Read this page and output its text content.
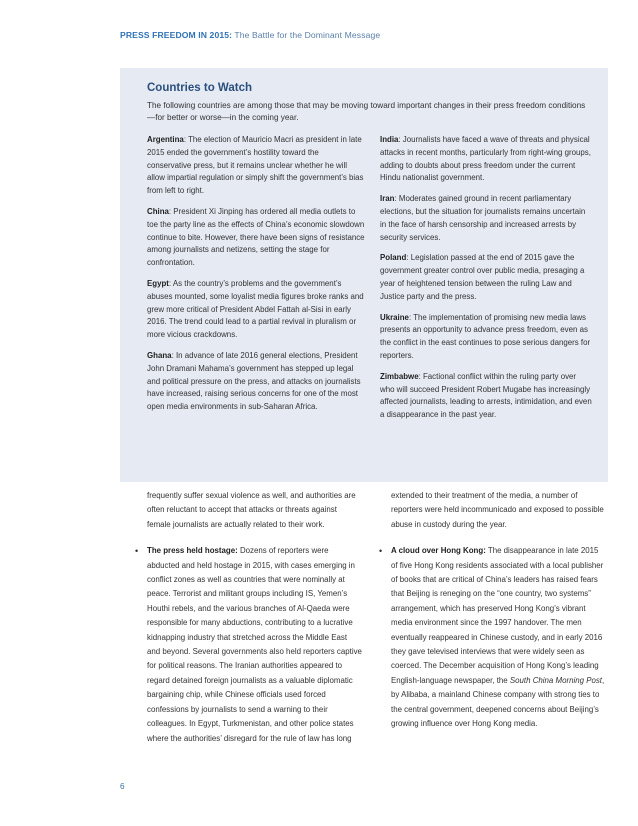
PRESS FREEDOM IN 2015: The Battle for the Dominant Message
Countries to Watch
The following countries are among those that may be moving toward important changes in their press freedom conditions—for better or worse—in the coming year.

Argentina: The election of Mauricio Macri as president in late 2015 ended the government’s hostility toward the conservative press, but it remains unclear whether he will allow impartial regulation or simply shift the government’s bias from left to right.

China: President Xi Jinping has ordered all media outlets to toe the party line as the effects of China’s economic slowdown continue to bite. However, there have been signs of resistance among journalists and netizens, setting the stage for confrontation.

Egypt: As the country’s problems and the government’s abuses mounted, some loyalist media figures broke ranks and grew more critical of President Abdel Fattah al-Sisi in early 2016. The trend could lead to a partial revival in pluralism or more vicious crackdowns.

Ghana: In advance of late 2016 general elections, President John Dramani Mahama’s government has stepped up legal and political pressure on the press, and attacks on journalists have increased, raising serious concerns for one of the most open media environments in sub-Saharan Africa.

India: Journalists have faced a wave of threats and physical attacks in recent months, particularly from right-wing groups, adding to doubts about press freedom under the current Hindu nationalist government.

Iran: Moderates gained ground in recent parliamentary elections, but the situation for journalists remains uncertain in the face of harsh censorship and increased arrests by security services.

Poland: Legislation passed at the end of 2015 gave the government greater control over public media, presaging a year of heightened tension between the ruling Law and Justice party and the press.

Ukraine: The implementation of promising new media laws presents an opportunity to advance press freedom, even as the conflict in the east continues to pose serious dangers for reporters.

Zimbabwe: Factional conflict within the ruling party over who will succeed President Robert Mugabe has increasingly affected journalists, leading to arrests, intimidation, and even a disappearance in the past year.

frequently suffer sexual violence as well, and authorities are often reluctant to accept that attacks or threats against female journalists are actually related to their work.

• The press held hostage: Dozens of reporters were abducted and held hostage in 2015, with cases emerging in conflict zones as well as countries that were nominally at peace. Terrorist and militant groups including IS, Yemen’s Houthi rebels, and the various branches of Al-Qaeda were responsible for many abductions, contributing to a lucrative kidnapping industry that stretched across the Middle East and beyond. Several governments also held reporters captive for political reasons. The Iranian authorities appeared to regard detained foreign journalists as a valuable diplomatic bargaining chip, while Chinese officials used forced confessions by journalists to send a warning to their colleagues. In Egypt, Turkmenistan, and other police states where the authorities’ disregard for the rule of law has long

extended to their treatment of the media, a number of reporters were held incommunicado and exposed to possible abuse in custody during the year.

• A cloud over Hong Kong: The disappearance in late 2015 of five Hong Kong residents associated with a local publisher of books that are critical of China’s leaders has raised fears that Beijing is reneging on the “one country, two systems” arrangement, which has preserved Hong Kong’s vibrant media environment since the 1997 handover. The men eventually reappeared in Chinese custody, and in early 2016 they gave televised interviews that were widely seen as coerced. The December acquisition of Hong Kong’s leading English-language newspaper, the South China Morning Post, by Alibaba, a mainland Chinese company with strong ties to the central government, deepened concerns about Beijing’s growing influence over Hong Kong media.
6
